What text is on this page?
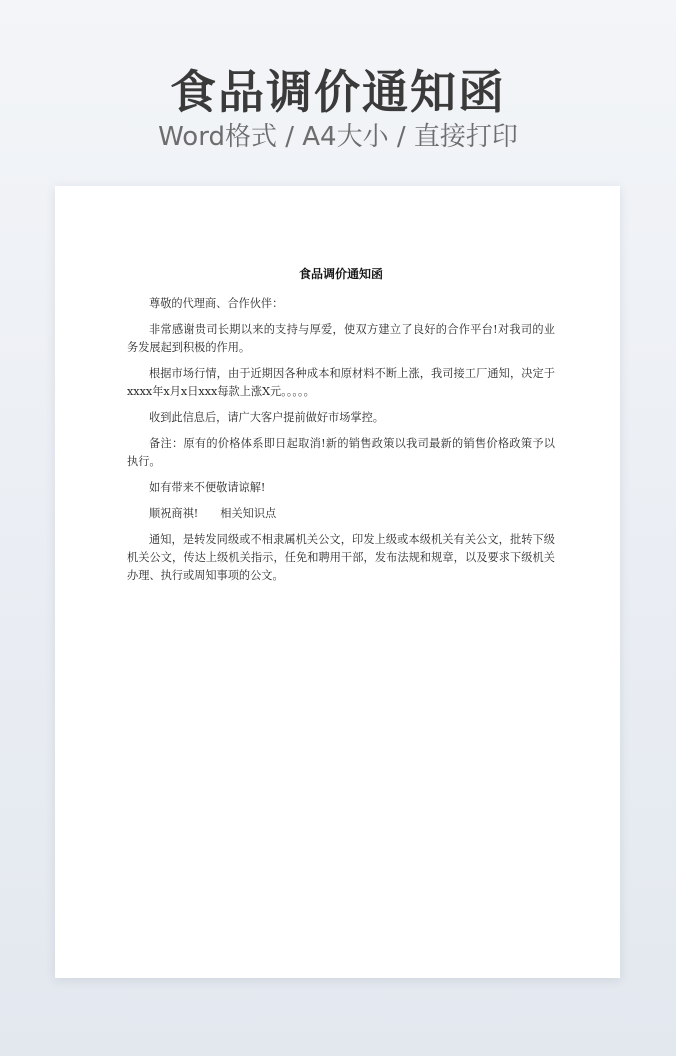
食品调价通知函
Word格式 / A4大小 / 直接打印
食品调价通知函

尊敬的代理商、合作伙伴：

非常感谢贵司长期以来的支持与厚爱，使双方建立了良好的合作平台!对我司的业务发展起到积极的作用。

根据市场行情，由于近期因各种成本和原材料不断上涨，我司接工厂通知，决定于xxxx年x月x日xxx每款上涨X元。。。。。

收到此信息后，请广大客户提前做好市场掌控。

备注：原有的价格体系即日起取消!新的销售政策以我司最新的销售价格政策予以执行。

如有带来不便敬请谅解!

顺祝商祺! 相关知识点

通知，是转发同级或不相隶属机关公文，印发上级或本级机关有关公文，批转下级机关公文，传达上级机关指示，任免和聘用干部，发布法规和规章，以及要求下级机关办理、执行或周知事项的公文。
